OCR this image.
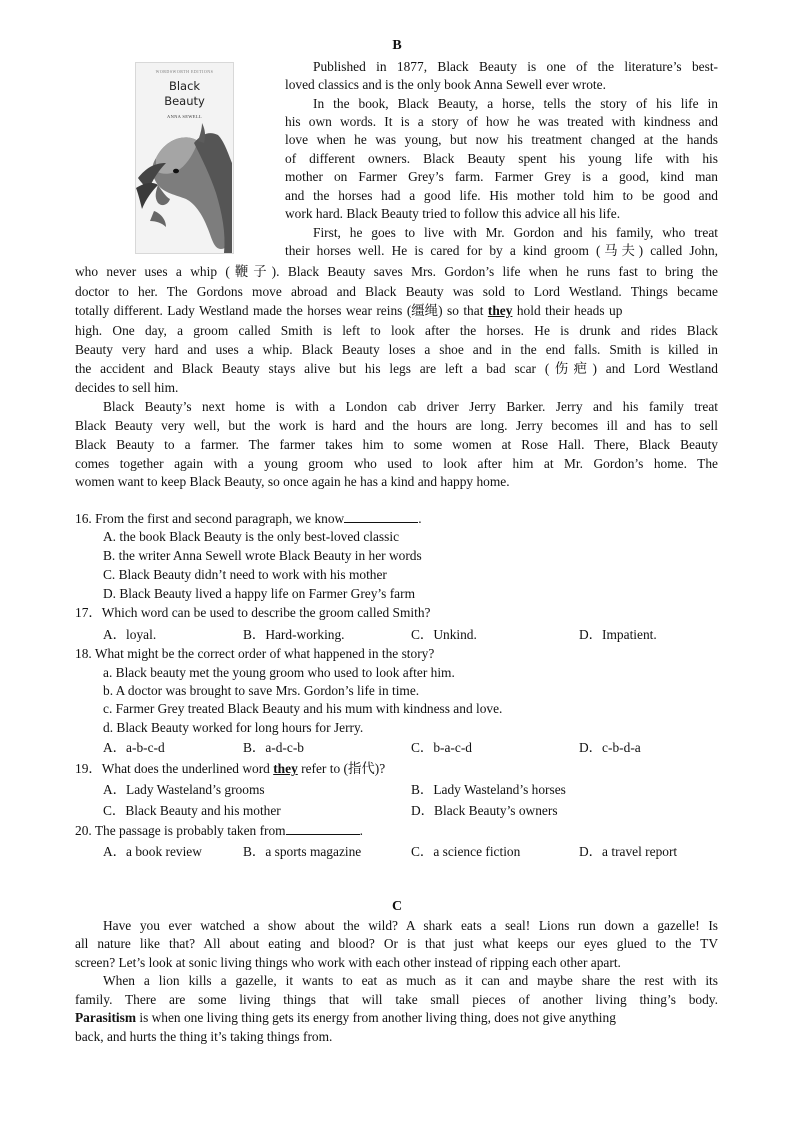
B
WORDSWORTH EDITIONS
Black
Beauty
ANNA SEWELL
Published in 1877, Black Beauty is one of the literature’s best-
loved classics and is the only book Anna Sewell ever wrote.
In the book, Black Beauty, a horse, tells the story of his life in
his own words. It is a story of how he was treated with kindness and
love when he was young, but now his treatment changed at the hands
of different owners. Black Beauty spent his young life with his
mother on Farmer Grey’s farm. Farmer Grey is a good, kind man
and the horses had a good life. His mother told him to be good and
work hard. Black Beauty tried to follow this advice all his life.
First, he goes to live with Mr. Gordon and his family, who treat
their horses well. He is cared for by a kind groom (马夫) called John,
who never uses a whip (鞭子). Black Beauty saves Mrs. Gordon’s life when he runs fast to bring the
doctor to her. The Gordons move abroad and Black Beauty was sold to Lord Westland. Things became
totally different. Lady Westland made the horses wear reins (缰绳) so that they hold their heads up
high. One day, a groom called Smith is left to look after the horses. He is drunk and rides Black
Beauty very hard and uses a whip. Black Beauty loses a shoe and in the end falls. Smith is killed in
the accident and Black Beauty stays alive but his legs are left a bad scar (伤疤) and Lord Westland
decides to sell him.
Black Beauty’s next home is with a London cab driver Jerry Barker. Jerry and his family treat
Black Beauty very well, but the work is hard and the hours are long. Jerry becomes ill and has to sell
Black Beauty to a farmer. The farmer takes him to some women at Rose Hall. There, Black Beauty
comes together again with a young groom who used to look after him at Mr. Gordon’s home. The
women want to keep Black Beauty, so once again he has a kind and happy home.
16. From the first and second paragraph, we know	.
A. the book Black Beauty is the only best-loved classic
B. the writer Anna Sewell wrote Black Beauty in her words
C. Black Beauty didn’t need to work with his mother
D. Black Beauty lived a happy life on Farmer Grey’s farm
17．Which word can be used to describe the groom called Smith?
A．loyal.	B．Hard-working.	C．Unkind.	D．Impatient.
18. What might be the correct order of what happened in the story?
a. Black beauty met the young groom who used to look after him.
b. A doctor was brought to save Mrs. Gordon’s life in time.
c. Farmer Grey treated Black Beauty and his mum with kindness and love.
d. Black Beauty worked for long hours for Jerry.
A．a-b-c-d	B．a-d-c-b	C．b-a-c-d	D．c-b-d-a
19．What does the underlined word they refer to (指代)?
A．Lady Wasteland’s grooms	B．Lady Wasteland’s horses
C．Black Beauty and his mother	D．Black Beauty’s owners
20. The passage is probably taken from	.
A．a book review	B．a sports magazine	C．a science fiction	D．a travel report
C
Have you ever watched a show about the wild? A shark eats a seal! Lions run down a gazelle! Is
all nature like that? All about eating and blood? Or is that just what keeps our eyes glued to the TV
screen? Let’s look at sonic living things who work with each other instead of ripping each other apart.
When a lion kills a gazelle, it wants to eat as much as it can and maybe share the rest with its
family. There are some living things that will take small pieces of another living thing’s body.
Parasitism is when one living thing gets its energy from another living thing, does not give anything
back, and hurts the thing it’s taking things from.
